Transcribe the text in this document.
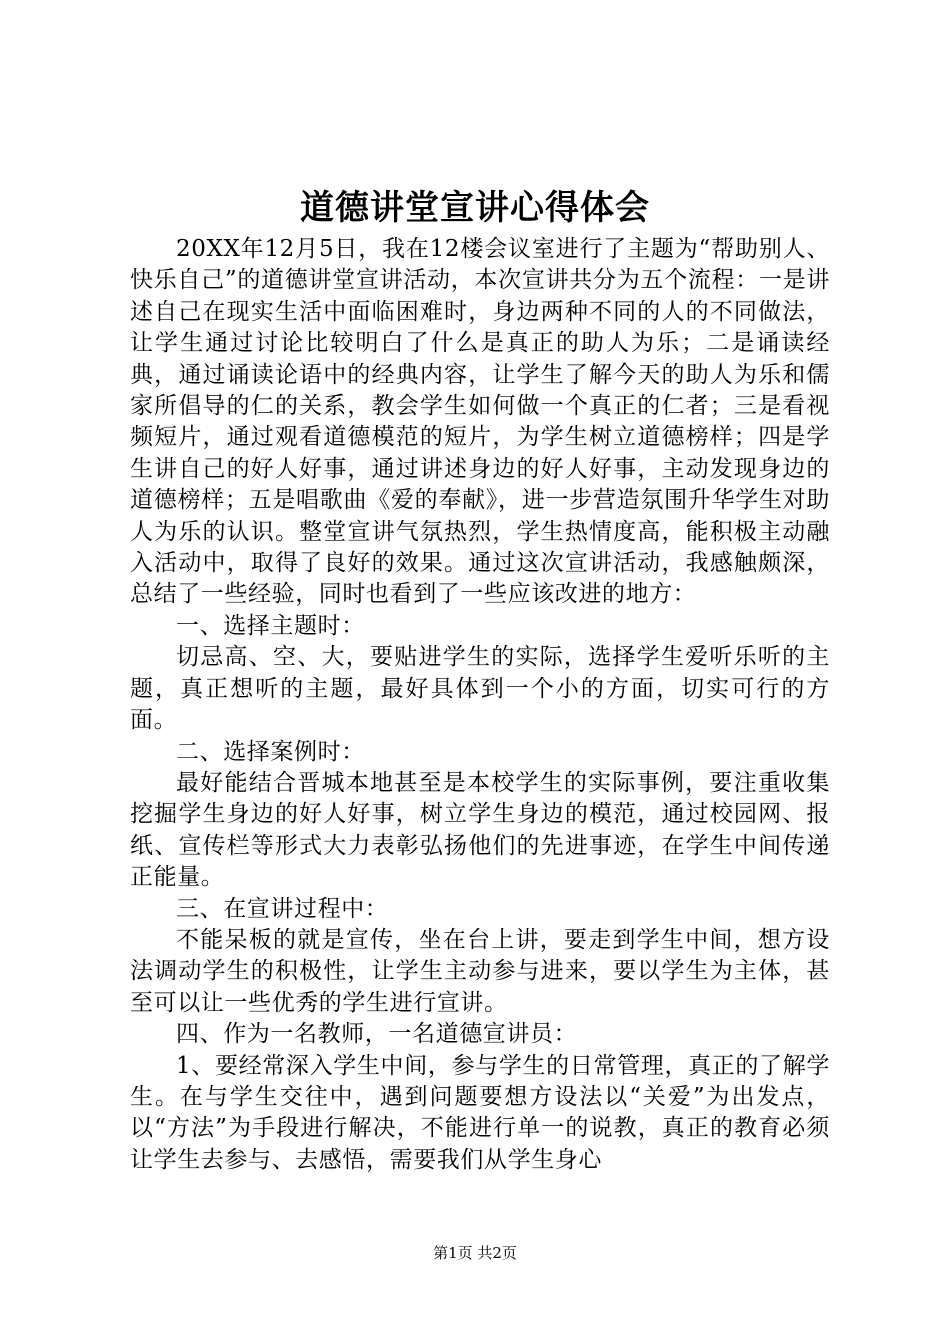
道德讲堂宣讲心得体会

20XX年12月5日，我在12楼会议室进行了主题为“帮助别人、快乐自己”的道德讲堂宣讲活动，本次宣讲共分为五个流程：一是讲述自己在现实生活中面临困难时，身边两种不同的人的不同做法，让学生通过讨论比较明白了什么是真正的助人为乐；二是诵读经典，通过诵读论语中的经典内容，让学生了解今天的助人为乐和儒家所倡导的仁的关系，教会学生如何做一个真正的仁者；三是看视频短片，通过观看道德模范的短片，为学生树立道德榜样；四是学生讲自己的好人好事，通过讲述身边的好人好事，主动发现身边的道德榜样；五是唱歌曲《爱的奉献》，进一步营造氛围升华学生对助人为乐的认识。整堂宣讲气氛热烈，学生热情度高，能积极主动融入活动中，取得了良好的效果。通过这次宣讲活动，我感触颇深，总结了一些经验，同时也看到了一些应该改进的地方：

一、选择主题时：

切忌高、空、大，要贴进学生的实际，选择学生爱听乐听的主题，真正想听的主题，最好具体到一个小的方面，切实可行的方面。

二、选择案例时：

最好能结合晋城本地甚至是本校学生的实际事例，要注重收集挖掘学生身边的好人好事，树立学生身边的模范，通过校园网、报纸、宣传栏等形式大力表彰弘扬他们的先进事迹，在学生中间传递正能量。

三、在宣讲过程中：

不能呆板的就是宣传，坐在台上讲，要走到学生中间，想方设法调动学生的积极性，让学生主动参与进来，要以学生为主体，甚至可以让一些优秀的学生进行宣讲。

四、作为一名教师，一名道德宣讲员：

1、要经常深入学生中间，参与学生的日常管理，真正的了解学生。在与学生交往中，遇到问题要想方设法以“关爱”为出发点，以“方法”为手段进行解决，不能进行单一的说教，真正的教育必须让学生去参与、去感悟，需要我们从学生身心

第1页 共2页
